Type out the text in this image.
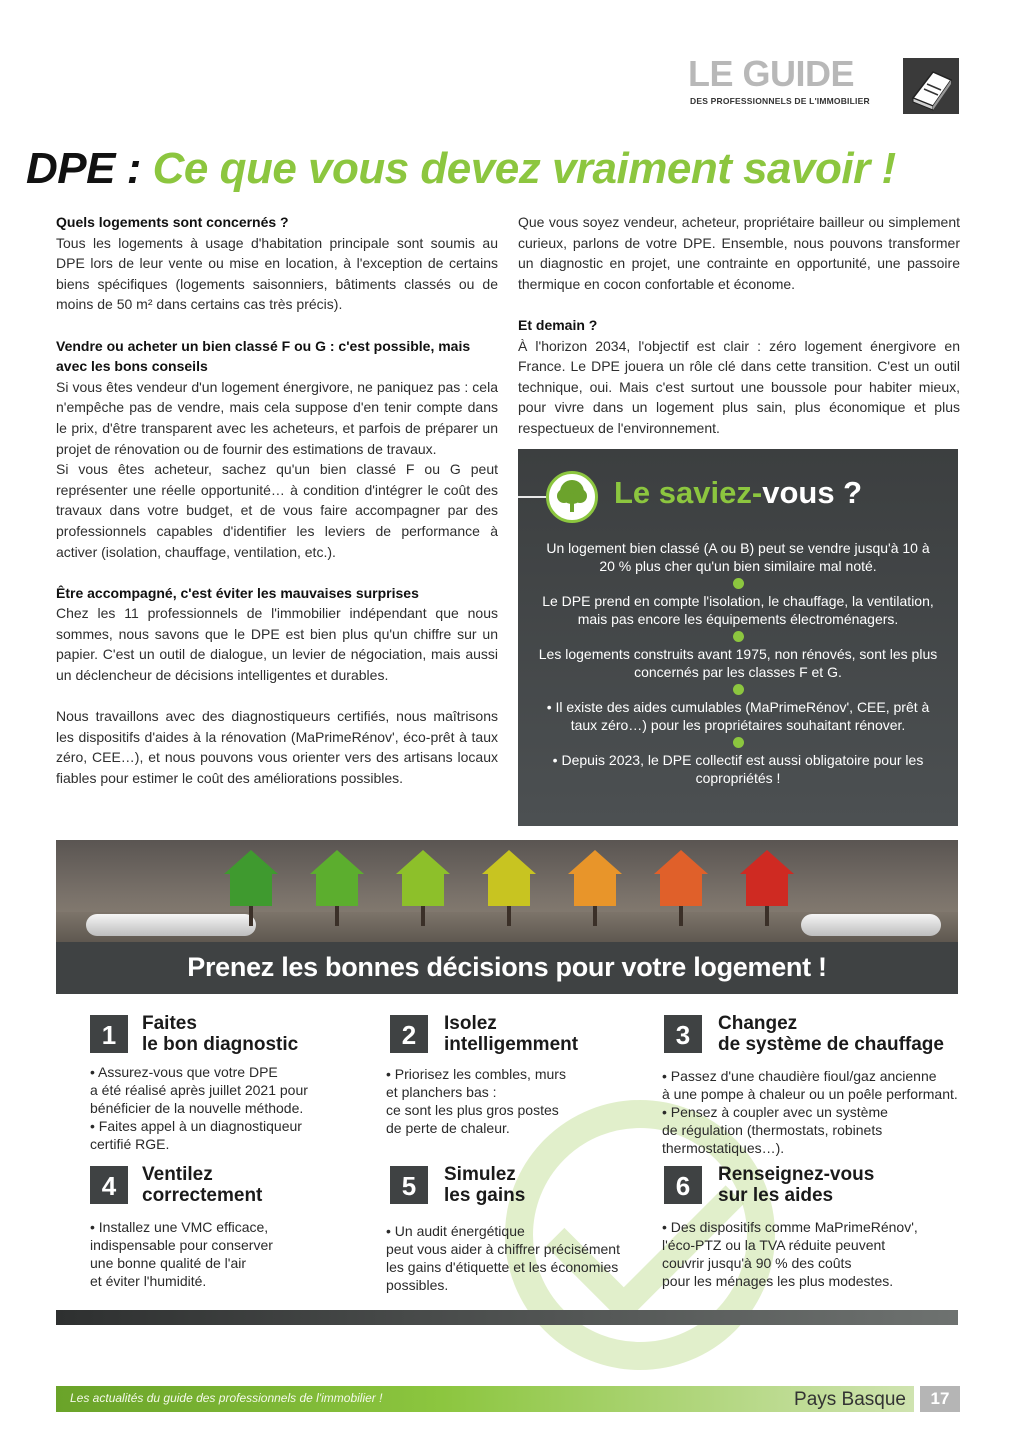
LE GUIDE
DES PROFESSIONNELS DE L'IMMOBILIER
DPE : Ce que vous devez vraiment savoir !
Quels logements sont concernés ?

Tous les logements à usage d'habitation principale sont soumis au DPE lors de leur vente ou mise en location, à l'exception de certains biens spécifiques (logements saisonniers, bâtiments classés ou de moins de 50 m² dans certains cas très précis).

Vendre ou acheter un bien classé F ou G : c'est possible, mais avec les bons conseils

Si vous êtes vendeur d'un logement énergivore, ne paniquez pas : cela n'empêche pas de vendre, mais cela suppose d'en tenir compte dans le prix, d'être transparent avec les acheteurs, et parfois de préparer un projet de rénovation ou de fournir des estimations de travaux.

Si vous êtes acheteur, sachez qu'un bien classé F ou G peut représenter une réelle opportunité… à condition d'intégrer le coût des travaux dans votre budget, et de vous faire accompagner par des professionnels capables d'identifier les leviers de performance à activer (isolation, chauffage, ventilation, etc.).

Être accompagné, c'est éviter les mauvaises surprises

Chez les 11 professionnels de l'immobilier indépendant que nous sommes, nous savons que le DPE est bien plus qu'un chiffre sur un papier. C'est un outil de dialogue, un levier de négociation, mais aussi un déclencheur de décisions intelligentes et durables.

Nous travaillons avec des diagnostiqueurs certifiés, nous maîtrisons les dispositifs d'aides à la rénovation (MaPrimeRénov', éco-prêt à taux zéro, CEE…), et nous pouvons vous orienter vers des artisans locaux fiables pour estimer le coût des améliorations possibles.

Que vous soyez vendeur, acheteur, propriétaire bailleur ou simplement curieux, parlons de votre DPE. Ensemble, nous pouvons transformer un diagnostic en projet, une contrainte en opportunité, une passoire thermique en cocon confortable et économe.

Et demain ?

À l'horizon 2034, l'objectif est clair : zéro logement énergivore en France. Le DPE jouera un rôle clé dans cette transition. C'est un outil technique, oui. Mais c'est surtout une boussole pour habiter mieux, pour vivre dans un logement plus sain, plus économique et plus respectueux de l'environnement.

Le saviez-vous ?

Un logement bien classé (A ou B) peut se vendre jusqu'à 10 à 20 % plus cher qu'un bien similaire mal noté.

Le DPE prend en compte l'isolation, le chauffage, la ventilation, mais pas encore les équipements électroménagers.

Les logements construits avant 1975, non rénovés, sont les plus concernés par les classes F et G.

• Il existe des aides cumulables (MaPrimeRénov', CEE, prêt à taux zéro…) pour les propriétaires souhaitant rénover.

• Depuis 2023, le DPE collectif est aussi obligatoire pour les copropriétés !

Prenez les bonnes décisions pour votre logement !
1	Faites
le bon diagnostic
• Assurez-vous que votre DPE
a été réalisé après juillet 2021 pour
bénéficier de la nouvelle méthode.
• Faites appel à un diagnostiqueur
certifié RGE.
2	Isolez
intelligemment
• Priorisez les combles, murs
et planchers bas :
ce sont les plus gros postes
de perte de chaleur.
3	Changez
de système de chauffage
• Passez d'une chaudière fioul/gaz ancienne
à une pompe à chaleur ou un poêle performant.
• Pensez à coupler avec un système
de régulation (thermostats, robinets
thermostatiques…).
4	Ventilez
correctement
• Installez une VMC efficace,
indispensable pour conserver
une bonne qualité de l'air
et éviter l'humidité.
5	Simulez
les gains
• Un audit énergétique
peut vous aider à chiffrer précisément
les gains d'étiquette et les économies
possibles.
6	Renseignez-vous
sur les aides
• Des dispositifs comme MaPrimeRénov',
l'éco-PTZ ou la TVA réduite peuvent
couvrir jusqu'à 90 % des coûts
pour les ménages les plus modestes.
Les actualités du guide des professionnels de l'immobilier !	Pays Basque	17
